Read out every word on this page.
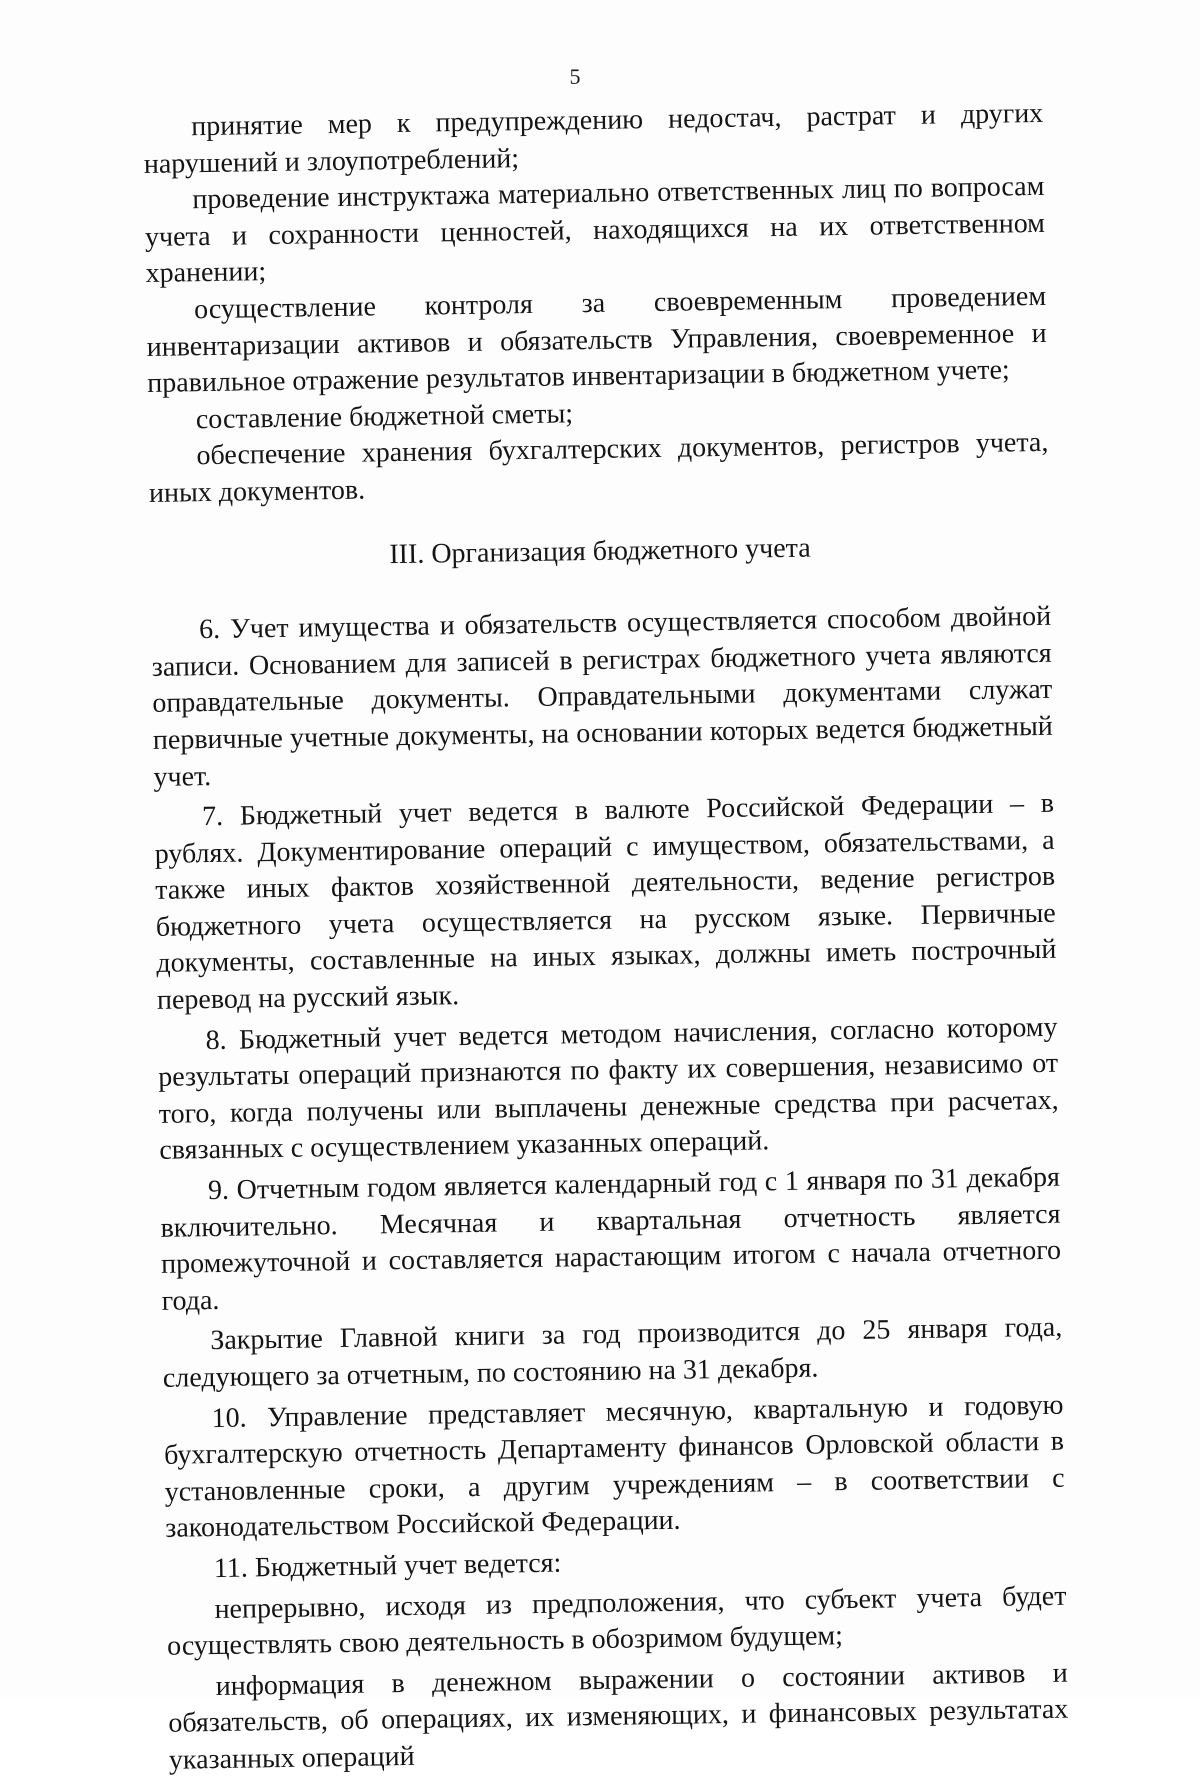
5

принятие мер к предупреждению недостач, растрат и других нарушений и злоупотреблений;

проведение инструктажа материально ответственных лиц по вопросам учета и сохранности ценностей, находящихся на их ответственном хранении;

осуществление контроля за своевременным проведением инвентаризации активов и обязательств Управления, своевременное и правильное отражение результатов инвентаризации в бюджетном учете;

составление бюджетной сметы;

обеспечение хранения бухгалтерских документов, регистров учета, иных документов.

III. Организация бюджетного учета

6. Учет имущества и обязательств осуществляется способом двойной записи. Основанием для записей в регистрах бюджетного учета являются оправдательные документы. Оправдательными документами служат первичные учетные документы, на основании которых ведется бюджетный учет.

7. Бюджетный учет ведется в валюте Российской Федерации – в рублях. Документирование операций с имуществом, обязательствами, а также иных фактов хозяйственной деятельности, ведение регистров бюджетного учета осуществляется на русском языке. Первичные документы, составленные на иных языках, должны иметь построчный перевод на русский язык.

8. Бюджетный учет ведется методом начисления, согласно которому результаты операций признаются по факту их совершения, независимо от того, когда получены или выплачены денежные средства при расчетах, связанных с осуществлением указанных операций.

9. Отчетным годом является календарный год с 1 января по 31 декабря включительно. Месячная и квартальная отчетность является промежуточной и составляется нарастающим итогом с начала отчетного года.

Закрытие Главной книги за год производится до 25 января года, следующего за отчетным, по состоянию на 31 декабря.

10. Управление представляет месячную, квартальную и годовую бухгалтерскую отчетность Департаменту финансов Орловской области в установленные сроки, а другим учреждениям – в соответствии с законодательством Российской Федерации.

11. Бюджетный учет ведется:

непрерывно, исходя из предположения, что субъект учета будет осуществлять свою деятельность в обозримом будущем;

информация в денежном выражении о состоянии активов и обязательств, об операциях, их изменяющих, и финансовых результатах указанных операций
